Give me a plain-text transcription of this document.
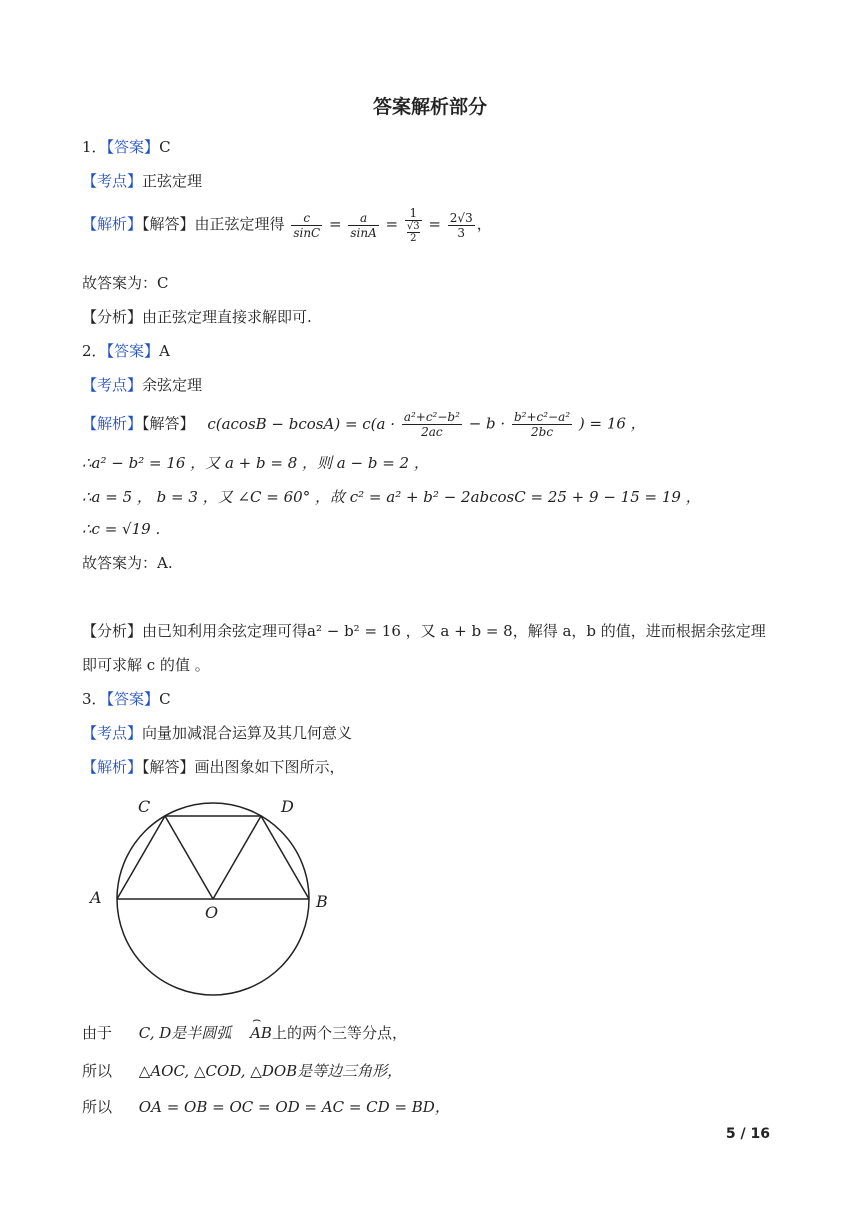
答案解析部分
1．【答案】C
【考点】正弦定理
【解析】【解答】由正弦定理得 $\frac{c}{\sin C} = \frac{a}{\sin A} = 1$
√3
$2 = \frac{2√3}{3}$ ，
故答案为：C
【分析】由正弦定理直接求解即可.
2．【答案】A
【考点】余弦定理
【解析】【解答】 $c(acosB - bcosA) = c(a \cdot \frac{\text{a²+c²−b²}}{2ac} - b \cdot \frac{\text{b²+c²−a²}}{2bc}$ ) = 16 ，
∴a² − b² = 16 ，又 a + b = 8 ，则 a − b = 2 ，
∴a = 5 ， b = 3 ，又 ∠C = 60° ，故 c² = a² + b² − 2abcosC = 25 + 9 − 15 = 19 ，
∴c = √19 .
故答案为：A.
【分析】由已知利用余弦定理可得a² − b² = 16 ，又 a + b = 8，解得 a，b 的值，进而根据余弦定理
即可求解 c 的值 。
3．【答案】C
【考点】向量加减混合运算及其几何意义
【解析】【解答】画出图象如下图所示，
C	D
A	B
O
由于 C, D是半圆弧
⌢
AB上的两个三等分点，
所以 △AOC, △COD, △DOB是等边三角形，
所以 OA = OB = OC = OD = AC = CD = BD，
5 / 16
